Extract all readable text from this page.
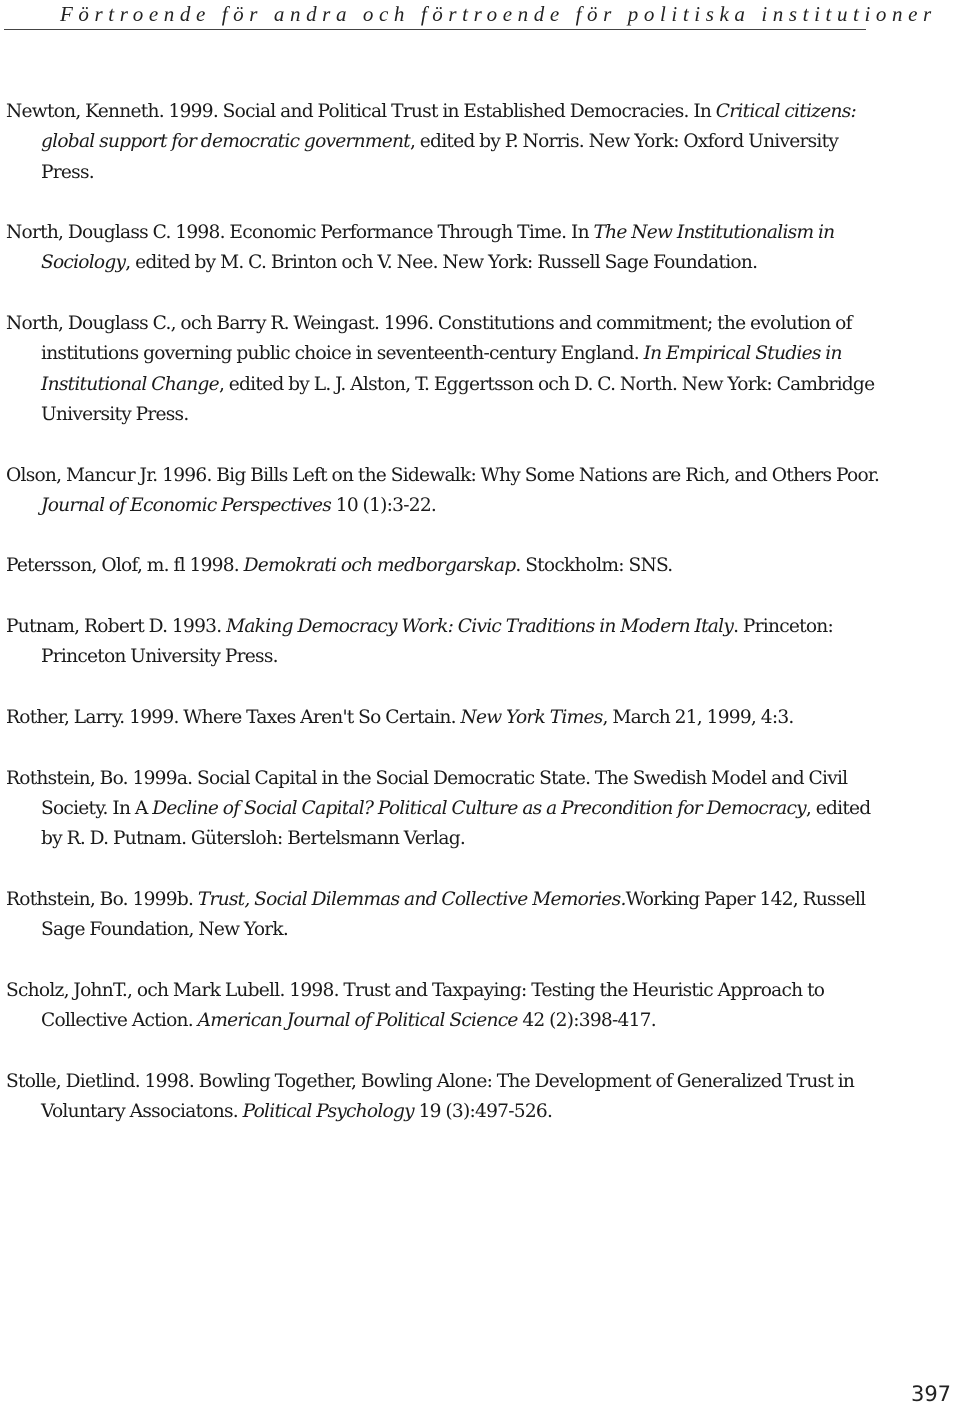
Förtroende för andra och förtroende för politiska institutioner

Newton, Kenneth. 1999. Social and Political Trust in Established Democracies. In Critical citizens: global support for democratic government, edited by P. Norris. New York: Oxford University Press.

North, Douglass C. 1998. Economic Performance Through Time. In The New Institutionalism in Sociology, edited by M. C. Brinton och V. Nee. New York: Russell Sage Foundation.

North, Douglass C., och Barry R. Weingast. 1996. Constitutions and commitment; the evolution of institutions governing public choice in seventeenth-century England. In Empirical Studies in Institutional Change, edited by L. J. Alston, T. Eggertsson och D. C. North. New York: Cambridge University Press.

Olson, Mancur Jr. 1996. Big Bills Left on the Sidewalk: Why Some Nations are Rich, and Others Poor. Journal of Economic Perspectives 10 (1):3-22.

Petersson, Olof, m. fl 1998. Demokrati och medborgarskap. Stockholm: SNS.

Putnam, Robert D. 1993. Making Democracy Work: Civic Traditions in Modern Italy. Princeton: Princeton University Press.

Rother, Larry. 1999. Where Taxes Aren't So Certain. New York Times, March 21, 1999, 4:3.

Rothstein, Bo. 1999a. Social Capital in the Social Democratic State. The Swedish Model and Civil Society. In A Decline of Social Capital? Political Culture as a Precondition for Democracy, edited by R. D. Putnam. Gütersloh: Bertelsmann Verlag.

Rothstein, Bo. 1999b. Trust, Social Dilemmas and Collective Memories.Working Paper 142, Russell Sage Foundation, New York.

Scholz, JohnT., och Mark Lubell. 1998. Trust and Taxpaying: Testing the Heuristic Approach to Collective Action. American Journal of Political Science 42 (2):398-417.

Stolle, Dietlind. 1998. Bowling Together, Bowling Alone: The Development of Generalized Trust in Voluntary Associatons. Political Psychology 19 (3):497-526.

397
